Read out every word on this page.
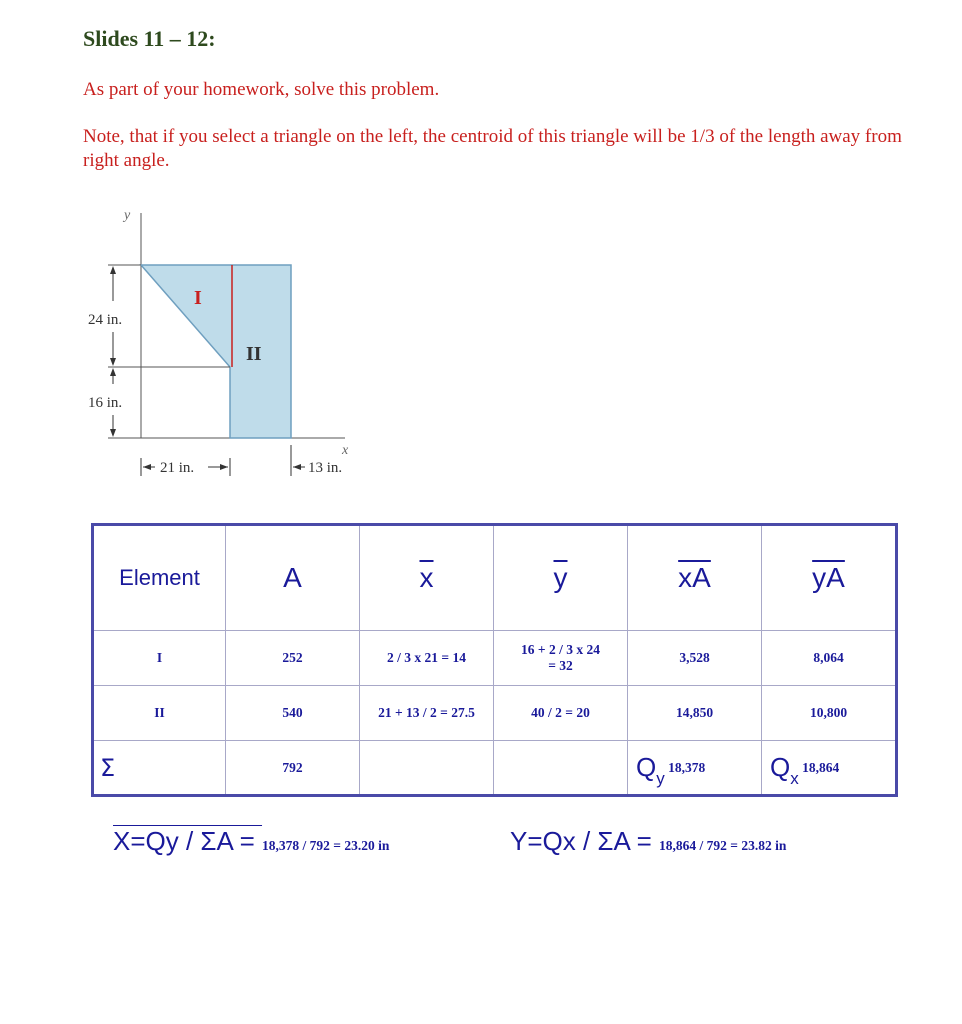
Slides 11 – 12:
As part of your homework, solve this problem.
Note, that if you select a triangle on the left, the centroid of this triangle will be 1/3 of the length away from right angle.
y
x
I
II
24 in.
16 in.
21 in.	13 in.
Element	A	$\overline{x}$	$\overline{y}$	$\overline{xA}$	$\overline{yA}$
I	252	2 / 3 x 21 = 14	16 + 2 / 3 x 24
= 32	3,528	8,064
II	540	21 + 13 / 2 = 27.5	40 / 2 = 20	14,850	10,800
Σ	792			Qy 18,378	Qx 18,864
X=Qy / ΣA = 18,378 / 792 = 23.20 in	Y=Qx / ΣA = 18,864 / 792 = 23.82 in
